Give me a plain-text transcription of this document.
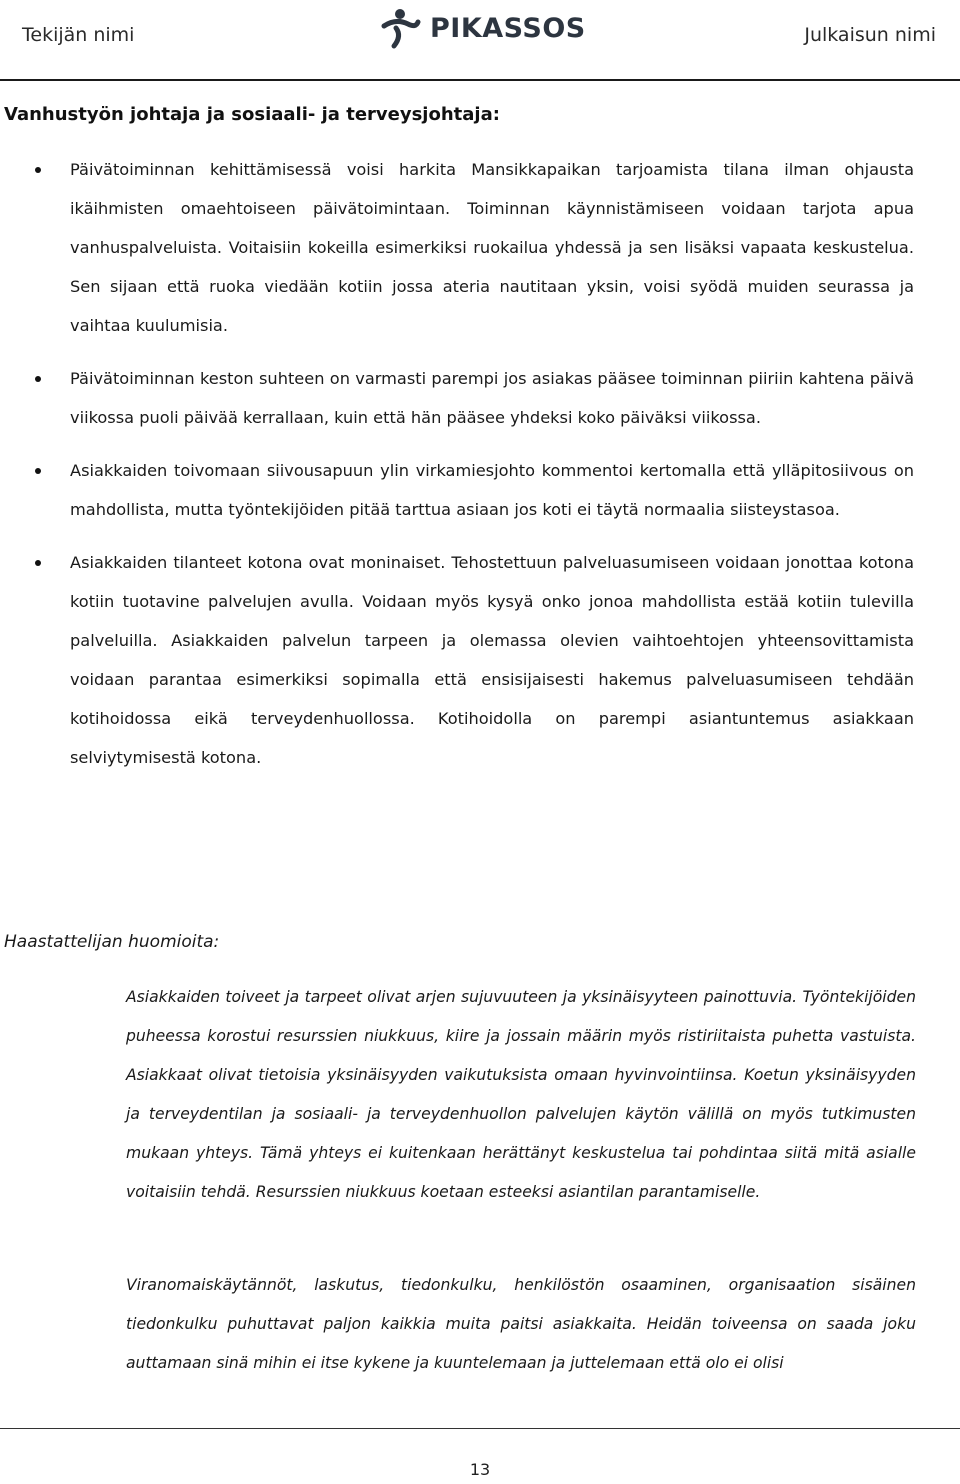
Tekijän nimi	PIKASSOS	Julkaisun nimi
Vanhustyön johtaja ja sosiaali- ja terveysjohtaja:
Päivätoiminnan kehittämisessä voisi harkita Mansikkapaikan tarjoamista tilana ilman ohjausta ikäihmisten omaehtoiseen päivätoimintaan. Toiminnan käynnistämiseen voidaan tarjota apua vanhuspalveluista. Voitaisiin kokeilla esimerkiksi ruokailua yhdessä ja sen lisäksi vapaata keskustelua. Sen sijaan että ruoka viedään kotiin jossa ateria nautitaan yksin, voisi syödä muiden seurassa ja vaihtaa kuulumisia.
Päivätoiminnan keston suhteen on varmasti parempi jos asiakas pääsee toiminnan piiriin kahtena päivä viikossa puoli päivää kerrallaan, kuin että hän pääsee yhdeksi koko päiväksi viikossa.
Asiakkaiden toivomaan siivousapuun ylin virkamiesjohto kommentoi kertomalla että ylläpitosiivous on mahdollista, mutta työntekijöiden pitää tarttua asiaan jos koti ei täytä normaalia siisteystasoa.
Asiakkaiden tilanteet kotona ovat moninaiset. Tehostettuun palveluasumiseen voidaan jonottaa kotona kotiin tuotavine palvelujen avulla. Voidaan myös kysyä onko jonoa mahdollista estää kotiin tulevilla palveluilla. Asiakkaiden palvelun tarpeen ja olemassa olevien vaihtoehtojen yhteensovittamista voidaan parantaa esimerkiksi sopimalla että ensisijaisesti hakemus palveluasumiseen tehdään kotihoidossa eikä terveydenhuollossa. Kotihoidolla on parempi asiantuntemus asiakkaan selviytymisestä kotona.
Haastattelijan huomioita:

Asiakkaiden toiveet ja tarpeet olivat arjen sujuvuuteen ja yksinäisyyteen painottuvia. Työntekijöiden puheessa korostui resurssien niukkuus, kiire ja jossain määrin myös ristiriitaista puhetta vastuista. Asiakkaat olivat tietoisia yksinäisyyden vaikutuksista omaan hyvinvointiinsa. Koetun yksinäisyyden ja terveydentilan ja sosiaali- ja terveydenhuollon palvelujen käytön välillä on myös tutkimusten mukaan yhteys. Tämä yhteys ei kuitenkaan herättänyt keskustelua tai pohdintaa siitä mitä asialle voitaisiin tehdä. Resurssien niukkuus koetaan esteeksi asiantilan parantamiselle.

Viranomaiskäytännöt, laskutus, tiedonkulku, henkilöstön osaaminen, organisaation sisäinen tiedonkulku puhuttavat paljon kaikkia muita paitsi asiakkaita. Heidän toiveensa on saada joku auttamaan sinä mihin ei itse kykene ja kuuntelemaan ja juttelemaan että olo ei olisi

13
